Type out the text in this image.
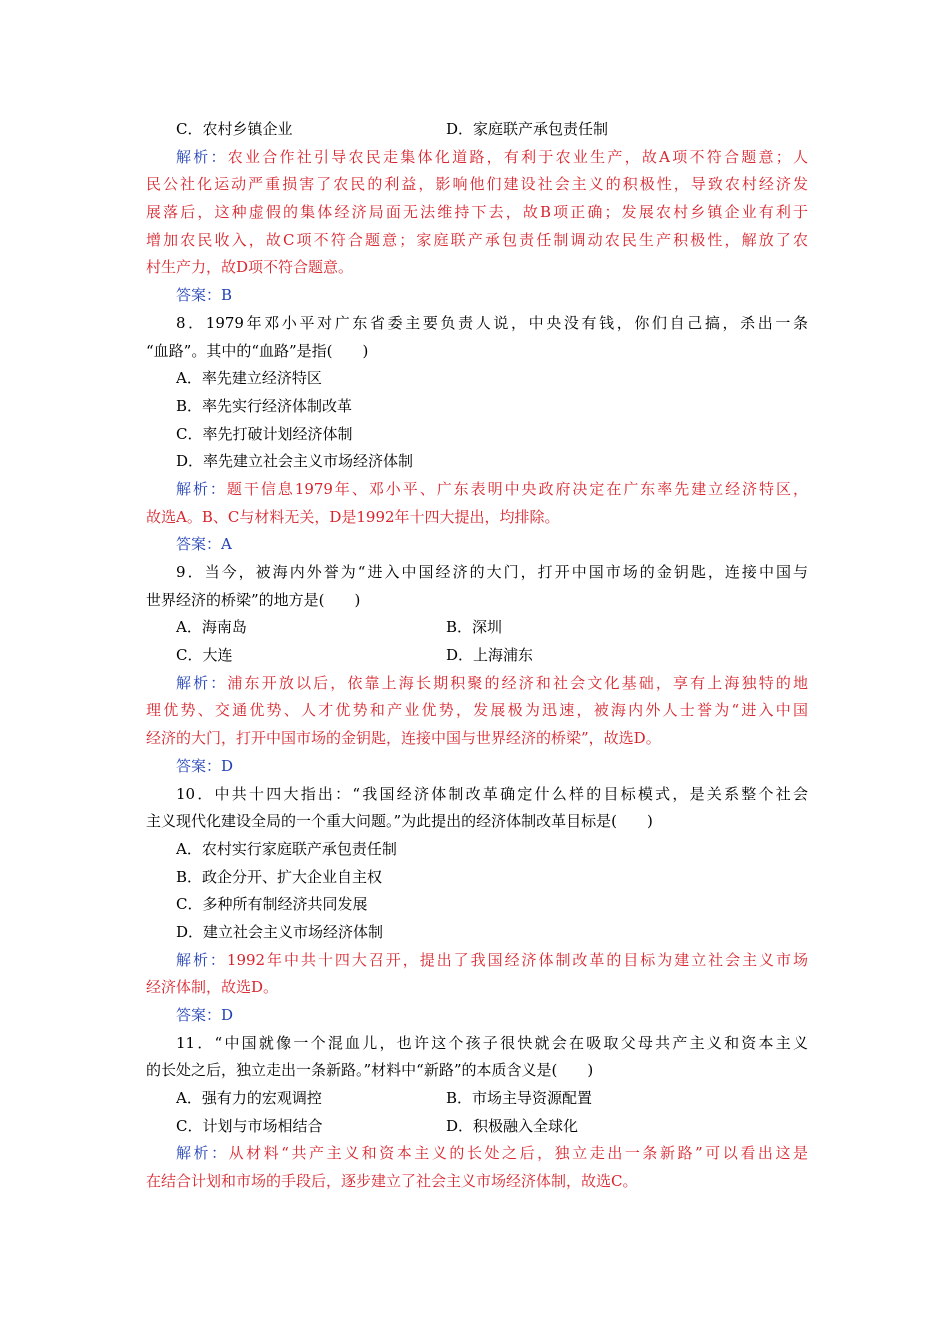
C．农村乡镇企业	D．家庭联产承包责任制
解析：农业合作社引导农民走集体化道路，有利于农业生产，故A项不符合题意；人
民公社化运动严重损害了农民的利益，影响他们建设社会主义的积极性，导致农村经济发
展落后，这种虚假的集体经济局面无法维持下去，故B项正确；发展农村乡镇企业有利于
增加农民收入，故C项不符合题意；家庭联产承包责任制调动农民生产积极性，解放了农
村生产力，故D项不符合题意。
答案：B
8．1979年邓小平对广东省委主要负责人说，中央没有钱，你们自己搞，杀出一条
“血路”。其中的“血路”是指(　　)
A．率先建立经济特区
B．率先实行经济体制改革
C．率先打破计划经济体制
D．率先建立社会主义市场经济体制
解析：题干信息1979年、邓小平、广东表明中央政府决定在广东率先建立经济特区，
故选A。B、C与材料无关，D是1992年十四大提出，均排除。
答案：A
9．当今，被海内外誉为“进入中国经济的大门，打开中国市场的金钥匙，连接中国与
世界经济的桥梁”的地方是(　　)
A．海南岛	B．深圳
C．大连	D．上海浦东
解析：浦东开放以后，依靠上海长期积聚的经济和社会文化基础，享有上海独特的地
理优势、交通优势、人才优势和产业优势，发展极为迅速，被海内外人士誉为“进入中国
经济的大门，打开中国市场的金钥匙，连接中国与世界经济的桥梁”，故选D。
答案：D
10．中共十四大指出：“我国经济体制改革确定什么样的目标模式，是关系整个社会
主义现代化建设全局的一个重大问题。”为此提出的经济体制改革目标是(　　)
A．农村实行家庭联产承包责任制
B．政企分开、扩大企业自主权
C．多种所有制经济共同发展
D．建立社会主义市场经济体制
解析：1992年中共十四大召开，提出了我国经济体制改革的目标为建立社会主义市场
经济体制，故选D。
答案：D
11．“中国就像一个混血儿，也许这个孩子很快就会在吸取父母共产主义和资本主义
的长处之后，独立走出一条新路。”材料中“新路”的本质含义是(　　)
A．强有力的宏观调控	B．市场主导资源配置
C．计划与市场相结合	D．积极融入全球化
解析：从材料“共产主义和资本主义的长处之后，独立走出一条新路”可以看出这是
在结合计划和市场的手段后，逐步建立了社会主义市场经济体制，故选C。
